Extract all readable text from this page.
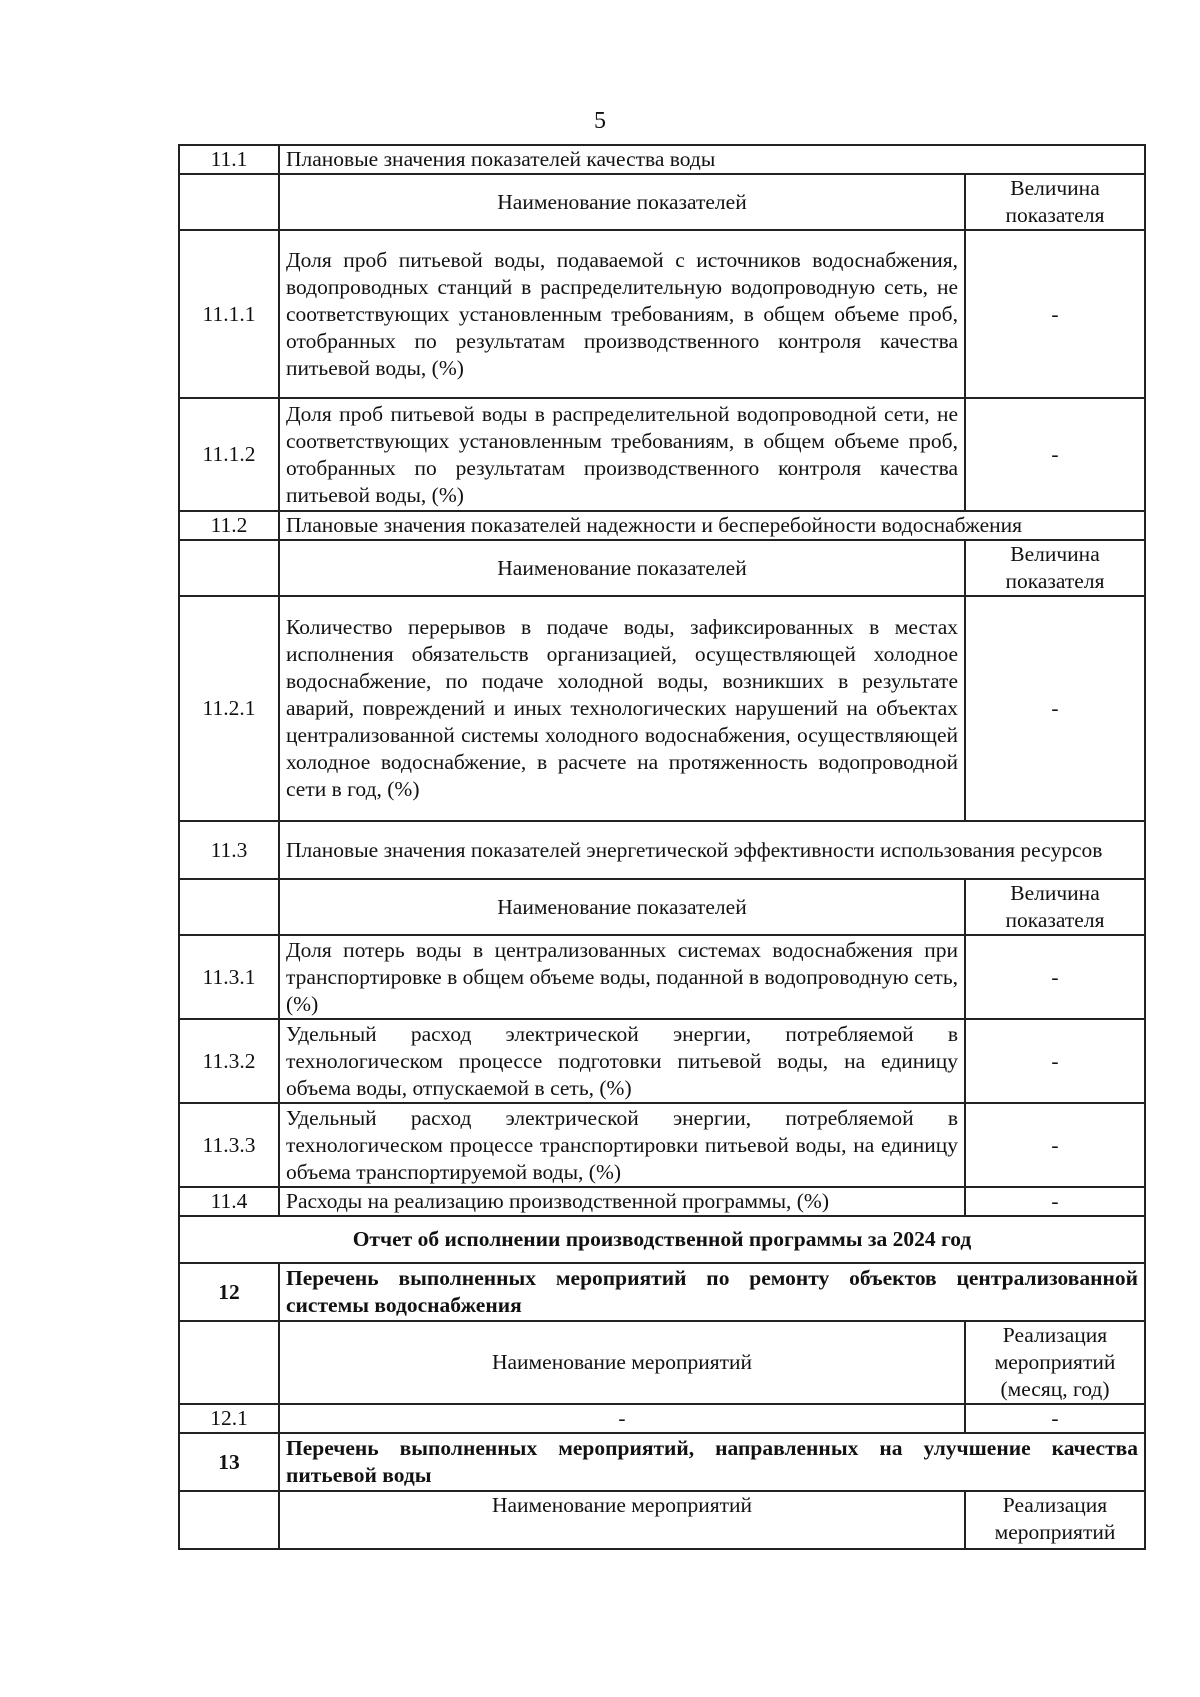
5
11.1	Плановые значения показателей качества воды	
	Наименование показателей	Величина показателя
11.1.1	Доля проб питьевой воды, подаваемой с источников водоснабжения, водопроводных станций в распределительную водопроводную сеть, не соответствующих установленным требованиям, в общем объеме проб, отобранных по результатам производственного контроля качества питьевой воды, (%)	-
11.1.2	Доля проб питьевой воды в распределительной водопроводной сети, не соответствующих установленным требованиям, в общем объеме проб, отобранных по результатам производственного контроля качества питьевой воды, (%)	-
11.2	Плановые значения показателей надежности и бесперебойности водоснабжения	
	Наименование показателей	Величина показателя
11.2.1	Количество перерывов в подаче воды, зафиксированных в местах исполнения обязательств организацией, осуществляющей холодное водоснабжение, по подаче холодной воды, возникших в результате аварий, повреждений и иных технологических нарушений на объектах централизованной системы холодного водоснабжения, осуществляющей холодное водоснабжение, в расчете на протяженность водопроводной сети в год, (%)	-
11.3	Плановые значения показателей энергетической эффективности использования ресурсов	
	Наименование показателей	Величина показателя
11.3.1	Доля потерь воды в централизованных системах водоснабжения при транспортировке в общем объеме воды, поданной в водопроводную сеть, (%)	-
11.3.2	Удельный расход электрической энергии, потребляемой в технологическом процессе подготовки питьевой воды, на единицу объема воды, отпускаемой в сеть, (%)	-
11.3.3	Удельный расход электрической энергии, потребляемой в технологическом процессе транспортировки питьевой воды, на единицу объема транспортируемой воды, (%)	-
11.4	Расходы на реализацию производственной программы, (%)	-
Отчет об исполнении производственной программы за 2024 год		
12	Перечень выполненных мероприятий по ремонту объектов централизованной системы водоснабжения	
	Наименование мероприятий	Реализация мероприятий (месяц, год)
12.1	-	-
13	Перечень выполненных мероприятий, направленных на улучшение качества питьевой воды	
	Наименование мероприятий	Реализация мероприятий
